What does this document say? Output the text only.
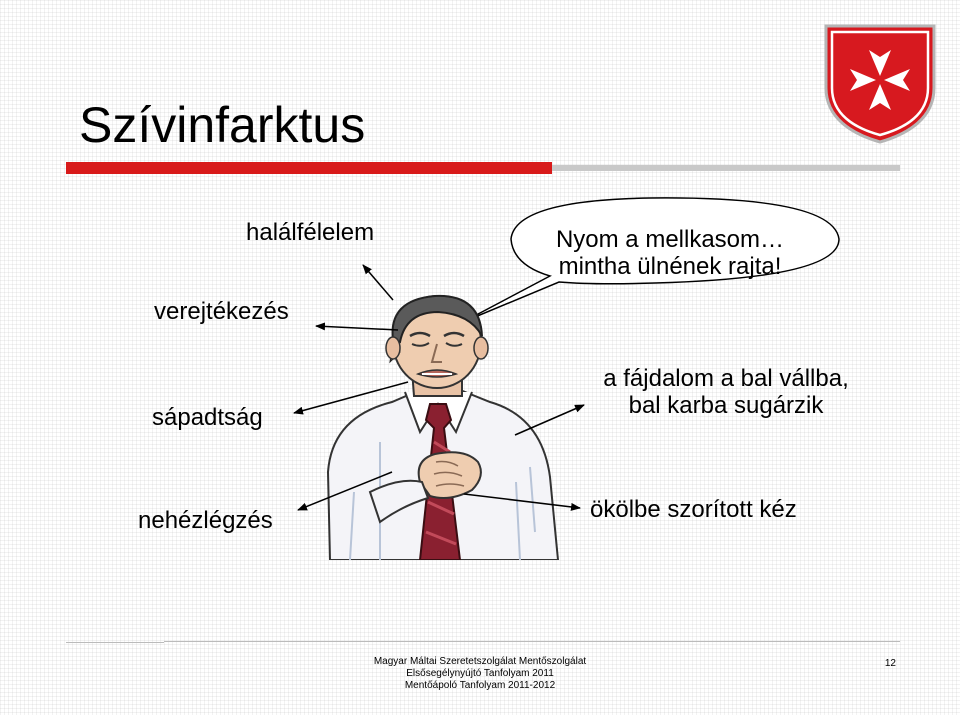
Szívinfarktus
Nyom a mellkasom…
mintha ülnének rajta!
halálfélelem
verejtékezés
sápadtság
a fájdalom a bal vállba,
bal karba sugárzik
nehézlégzés	ökölbe szorított kéz
Magyar Máltai Szeretetszolgálat Mentőszolgálat
Elsősegélynyújtó Tanfolyam 2011
Mentőápoló Tanfolyam 2011-2012
12
